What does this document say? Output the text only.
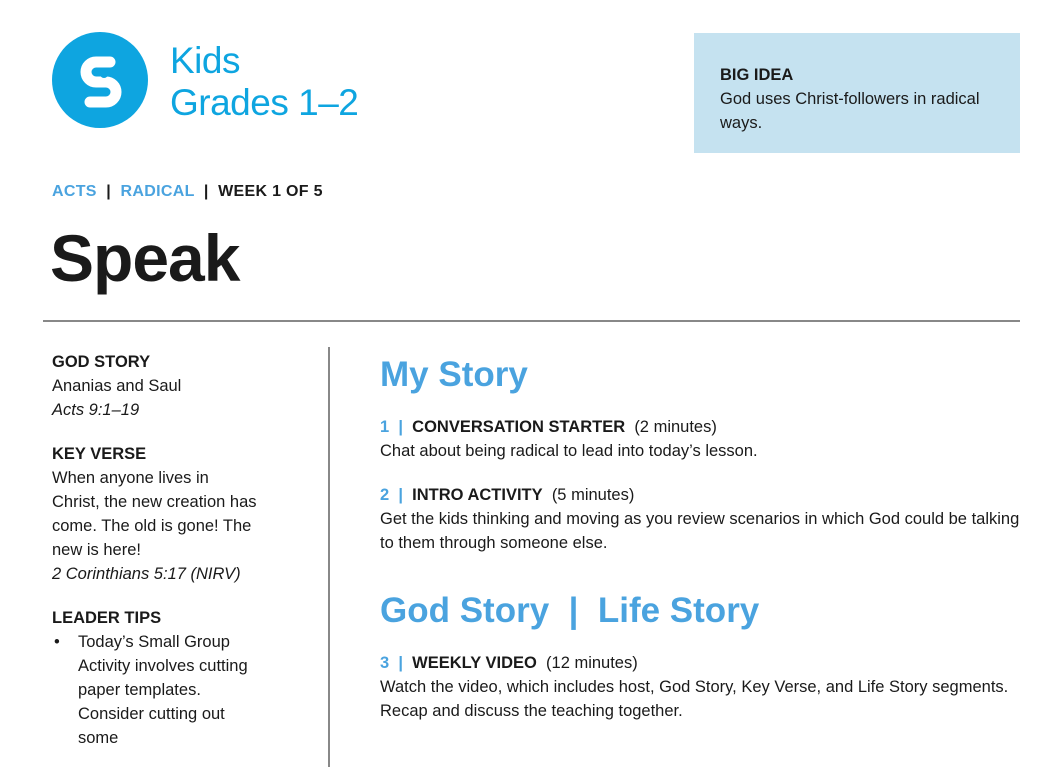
Kids
Grades 1–2
BIG IDEA
God uses Christ-followers in radical ways.
ACTS | RADICAL | WEEK 1 OF 5
Speak
GOD STORY
Ananias and Saul
Acts 9:1–19
KEY VERSE
When anyone lives in Christ, the new creation has come. The old is gone! The new is here!
2 Corinthians 5:17 (NIRV)
LEADER TIPS
• Today’s Small Group Activity involves cutting paper templates. Consider cutting out some
My Story
1  |  CONVERSATION STARTER (2 minutes)
Chat about being radical to lead into today’s lesson.
2  |  INTRO ACTIVITY (5 minutes)
Get the kids thinking and moving as you review scenarios in which God could be talking to them through someone else.
God Story  |  Life Story
3  |  WEEKLY VIDEO (12 minutes)
Watch the video, which includes host, God Story, Key Verse, and Life Story segments. Recap and discuss the teaching together.
